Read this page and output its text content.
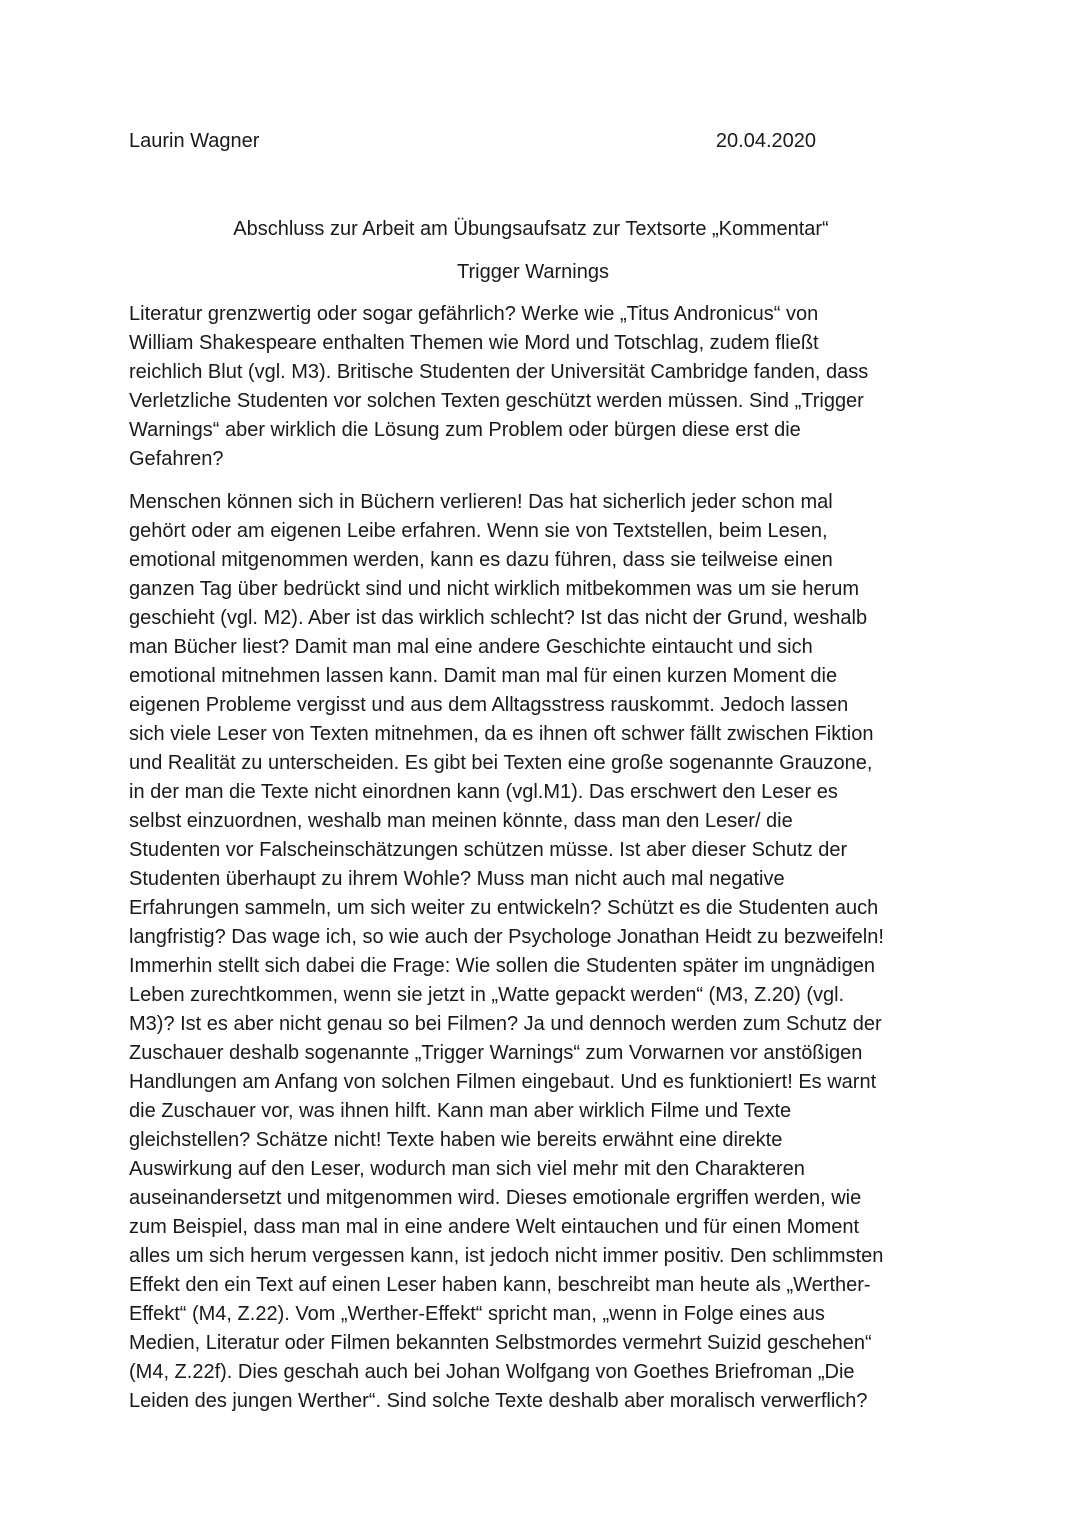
Laurin Wagner	20.04.2020
Abschluss zur Arbeit am Übungsaufsatz zur Textsorte „Kommentar“
Trigger Warnings
Literatur grenzwertig oder sogar gefährlich? Werke wie „Titus Andronicus“ von
William Shakespeare enthalten Themen wie Mord und Totschlag, zudem fließt
reichlich Blut (vgl. M3). Britische Studenten der Universität Cambridge fanden, dass
Verletzliche Studenten vor solchen Texten geschützt werden müssen. Sind „Trigger
Warnings“ aber wirklich die Lösung zum Problem oder bürgen diese erst die
Gefahren?
Menschen können sich in Büchern verlieren! Das hat sicherlich jeder schon mal
gehört oder am eigenen Leibe erfahren. Wenn sie von Textstellen, beim Lesen,
emotional mitgenommen werden, kann es dazu führen, dass sie teilweise einen
ganzen Tag über bedrückt sind und nicht wirklich mitbekommen was um sie herum
geschieht (vgl. M2). Aber ist das wirklich schlecht? Ist das nicht der Grund, weshalb
man Bücher liest? Damit man mal eine andere Geschichte eintaucht und sich
emotional mitnehmen lassen kann. Damit man mal für einen kurzen Moment die
eigenen Probleme vergisst und aus dem Alltagsstress rauskommt. Jedoch lassen
sich viele Leser von Texten mitnehmen, da es ihnen oft schwer fällt zwischen Fiktion
und Realität zu unterscheiden. Es gibt bei Texten eine große sogenannte Grauzone,
in der man die Texte nicht einordnen kann (vgl.M1). Das erschwert den Leser es
selbst einzuordnen, weshalb man meinen könnte, dass man den Leser/ die
Studenten vor Falscheinschätzungen schützen müsse. Ist aber dieser Schutz der
Studenten überhaupt zu ihrem Wohle? Muss man nicht auch mal negative
Erfahrungen sammeln, um sich weiter zu entwickeln? Schützt es die Studenten auch
langfristig? Das wage ich, so wie auch der Psychologe Jonathan Heidt zu bezweifeln!
Immerhin stellt sich dabei die Frage: Wie sollen die Studenten später im ungnädigen
Leben zurechtkommen, wenn sie jetzt in „Watte gepackt werden“ (M3, Z.20) (vgl.
M3)? Ist es aber nicht genau so bei Filmen? Ja und dennoch werden zum Schutz der
Zuschauer deshalb sogenannte „Trigger Warnings“ zum Vorwarnen vor anstößigen
Handlungen am Anfang von solchen Filmen eingebaut. Und es funktioniert! Es warnt
die Zuschauer vor, was ihnen hilft. Kann man aber wirklich Filme und Texte
gleichstellen? Schätze nicht! Texte haben wie bereits erwähnt eine direkte
Auswirkung auf den Leser, wodurch man sich viel mehr mit den Charakteren
auseinandersetzt und mitgenommen wird. Dieses emotionale ergriffen werden, wie
zum Beispiel, dass man mal in eine andere Welt eintauchen und für einen Moment
alles um sich herum vergessen kann, ist jedoch nicht immer positiv. Den schlimmsten
Effekt den ein Text auf einen Leser haben kann, beschreibt man heute als „Werther-
Effekt“ (M4, Z.22). Vom „Werther-Effekt“ spricht man, „wenn in Folge eines aus
Medien, Literatur oder Filmen bekannten Selbstmordes vermehrt Suizid geschehen“
(M4, Z.22f). Dies geschah auch bei Johan Wolfgang von Goethes Briefroman „Die
Leiden des jungen Werther“. Sind solche Texte deshalb aber moralisch verwerflich?
